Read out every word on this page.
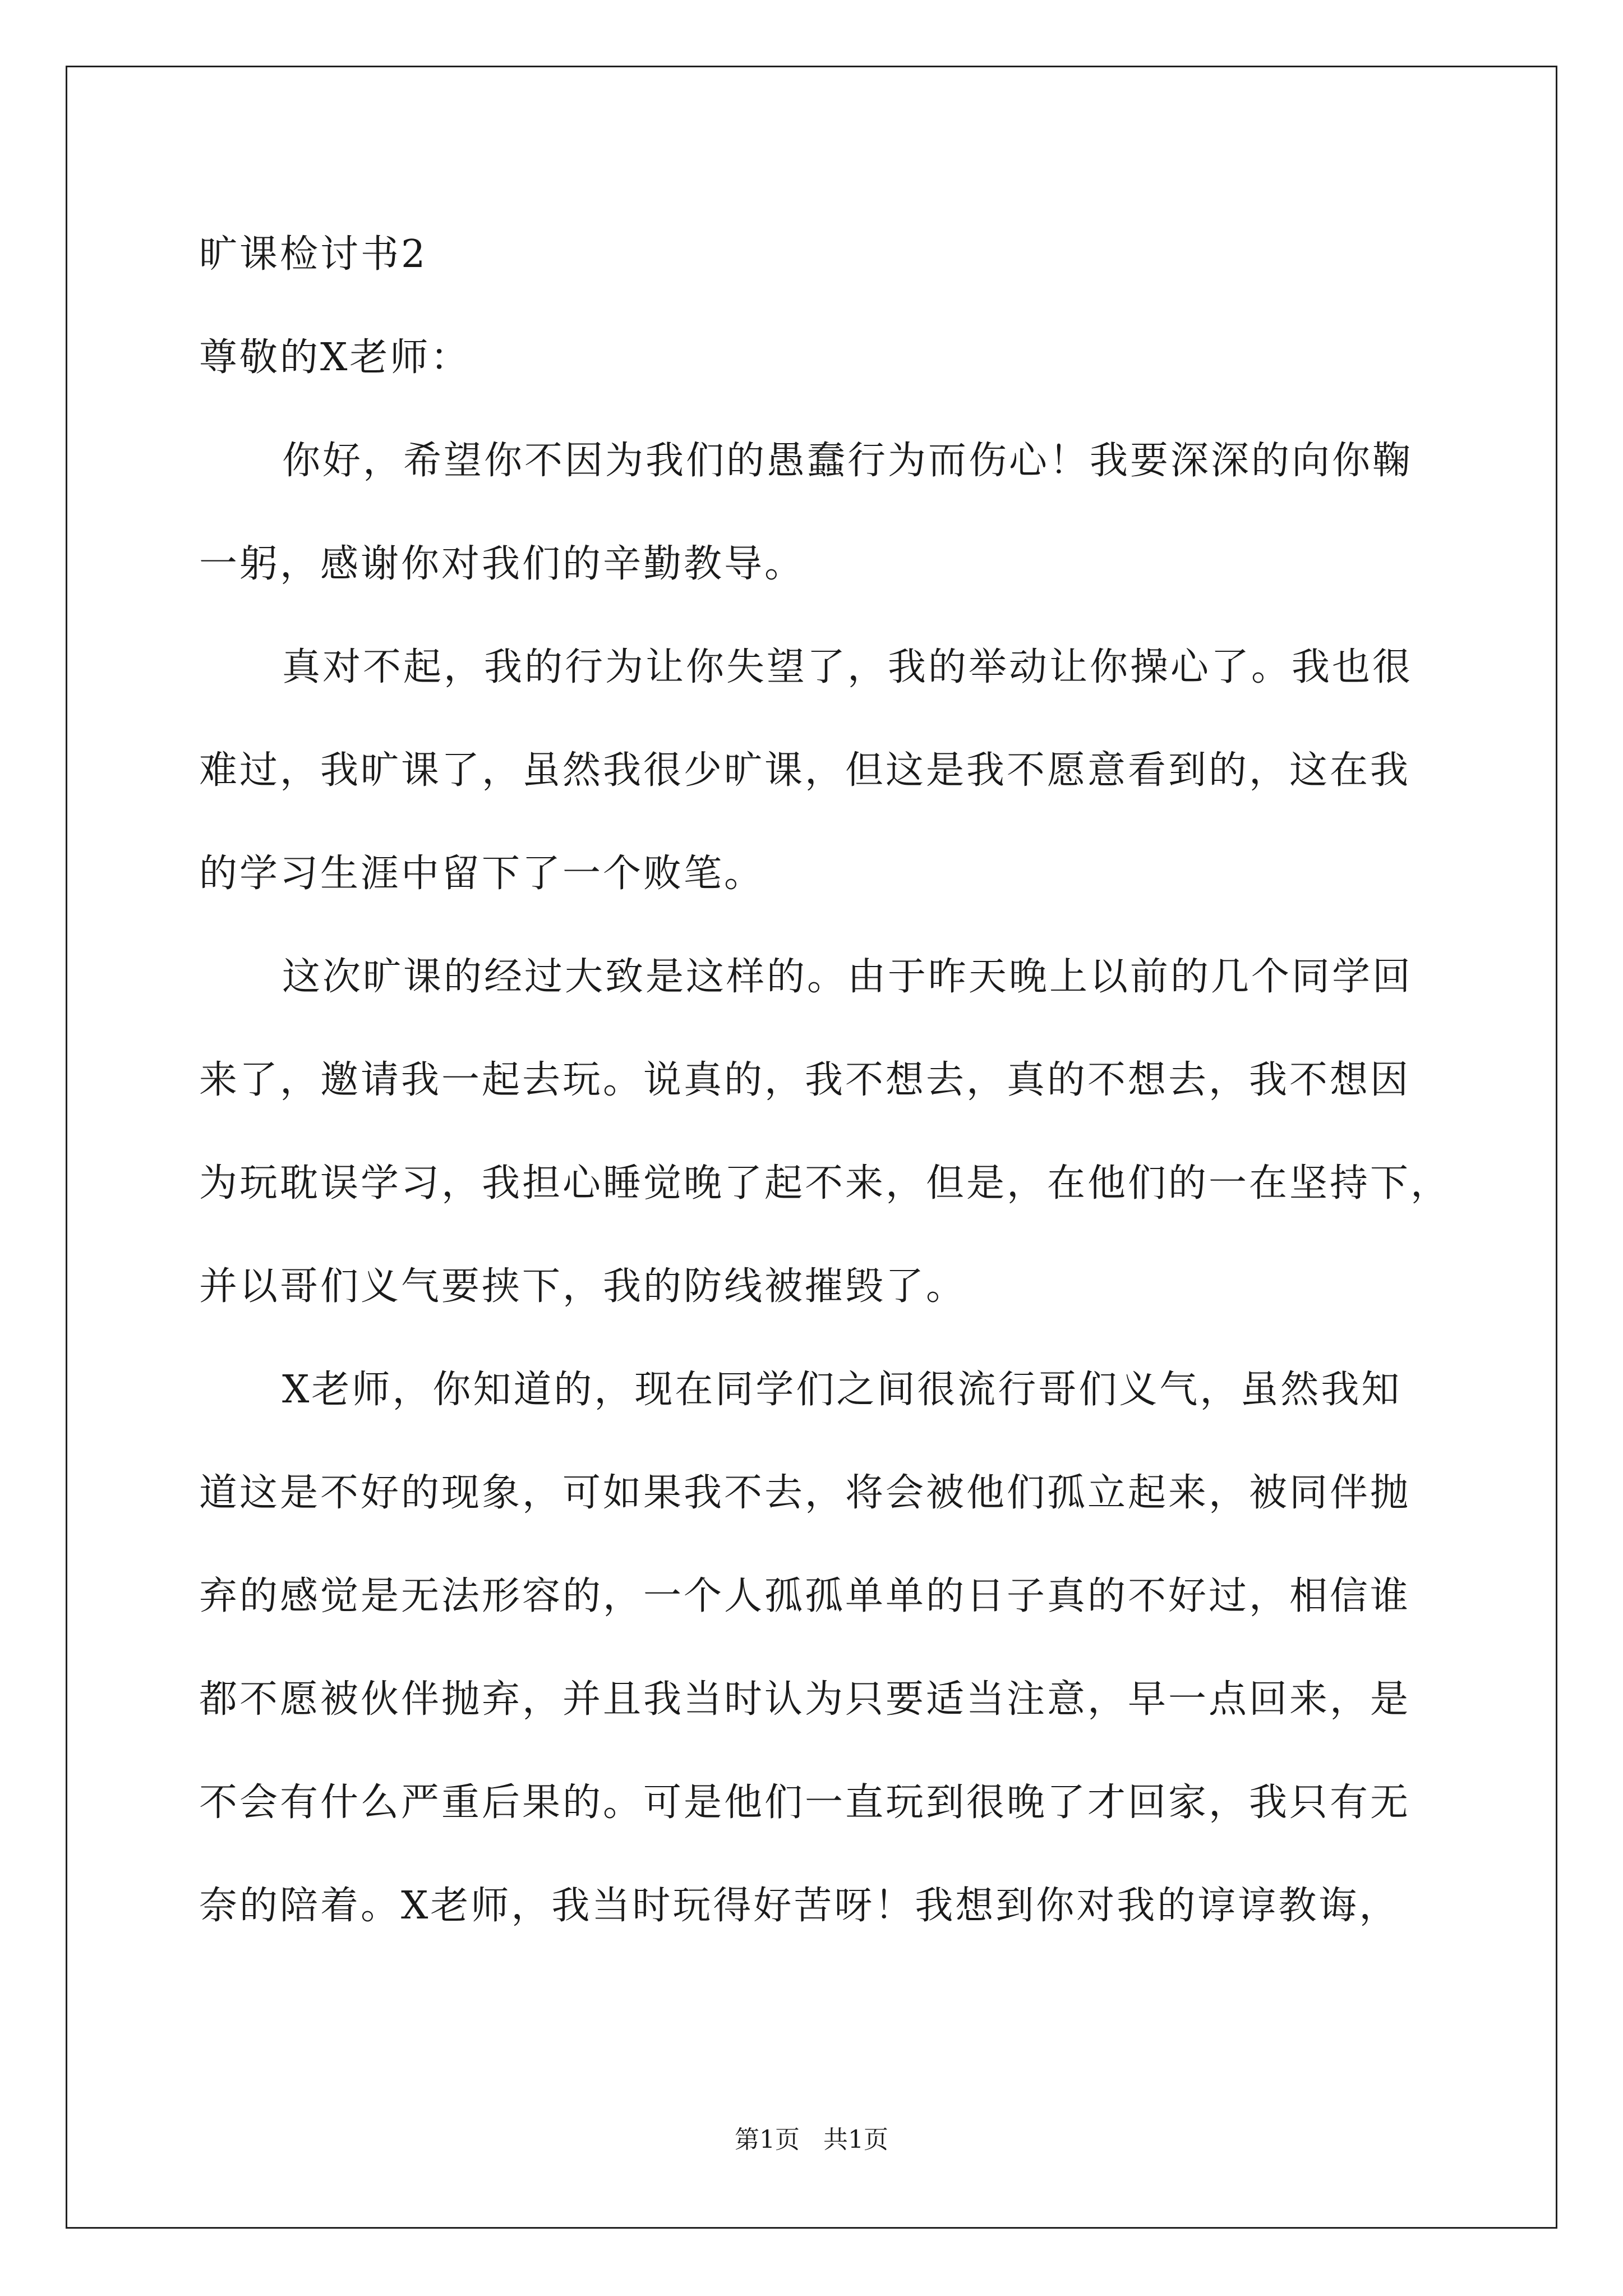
旷课检讨书2
尊敬的X老师：
你好，希望你不因为我们的愚蠢行为而伤心！我要深深的向你鞠
一躬，感谢你对我们的辛勤教导。
真对不起，我的行为让你失望了，我的举动让你操心了。我也很
难过，我旷课了，虽然我很少旷课，但这是我不愿意看到的，这在我
的学习生涯中留下了一个败笔。
这次旷课的经过大致是这样的。由于昨天晚上以前的几个同学回
来了，邀请我一起去玩。说真的，我不想去，真的不想去，我不想因
为玩耽误学习，我担心睡觉晚了起不来，但是，在他们的一在坚持下，
并以哥们义气要挟下，我的防线被摧毁了。
X老师，你知道的，现在同学们之间很流行哥们义气，虽然我知
道这是不好的现象，可如果我不去，将会被他们孤立起来，被同伴抛
弃的感觉是无法形容的，一个人孤孤单单的日子真的不好过，相信谁
都不愿被伙伴抛弃，并且我当时认为只要适当注意，早一点回来，是
不会有什么严重后果的。可是他们一直玩到很晚了才回家，我只有无
奈的陪着。X老师，我当时玩得好苦呀！我想到你对我的谆谆教诲，
第1页 共1页
